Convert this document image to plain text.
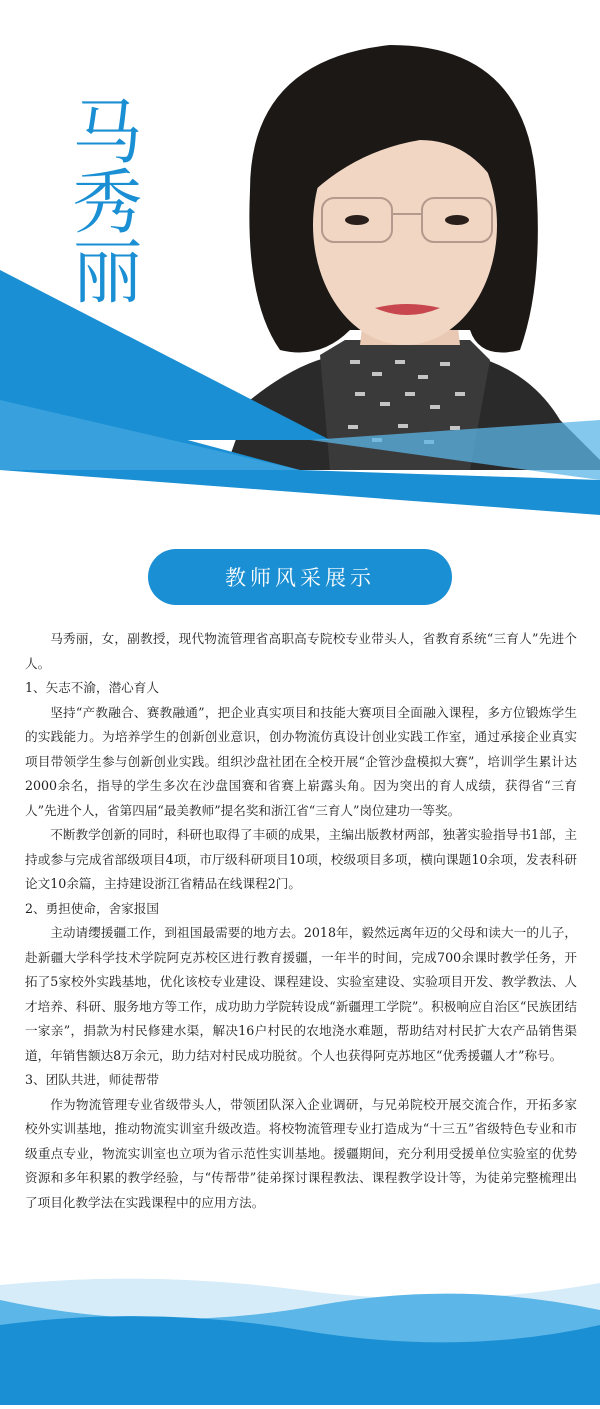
马秀丽
教师风采展示

马秀丽，女，副教授，现代物流管理省高职高专院校专业带头人，省教育系统“三育人”先进个人。

1、矢志不渝，潜心育人

坚持“产教融合、赛教融通”，把企业真实项目和技能大赛项目全面融入课程，多方位锻炼学生的实践能力。为培养学生的创新创业意识，创办物流仿真设计创业实践工作室，通过承接企业真实项目带领学生参与创新创业实践。组织沙盘社团在全校开展“企管沙盘模拟大赛”，培训学生累计达2000余名，指导的学生多次在沙盘国赛和省赛上崭露头角。因为突出的育人成绩，获得省“三育人”先进个人，省第四届“最美教师”提名奖和浙江省“三育人”岗位建功一等奖。

不断教学创新的同时，科研也取得了丰硕的成果，主编出版教材两部，独著实验指导书1部，主持或参与完成省部级项目4项，市厅级科研项目10项，校级项目多项，横向课题10余项，发表科研论文10余篇，主持建设浙江省精品在线课程2门。

2、勇担使命，舍家报国

主动请缨援疆工作，到祖国最需要的地方去。2018年，毅然远离年迈的父母和读大一的儿子，赴新疆大学科学技术学院阿克苏校区进行教育援疆，一年半的时间，完成700余课时教学任务，开拓了5家校外实践基地，优化该校专业建设、课程建设、实验室建设、实验项目开发、教学教法、人才培养、科研、服务地方等工作，成功助力学院转设成“新疆理工学院”。积极响应自治区“民族团结一家亲”，捐款为村民修建水渠，解决16户村民的农地浇水难题，帮助结对村民扩大农产品销售渠道，年销售额达8万余元，助力结对村民成功脱贫。个人也获得阿克苏地区“优秀援疆人才”称号。

3、团队共进，师徒帮带

作为物流管理专业省级带头人，带领团队深入企业调研，与兄弟院校开展交流合作，开拓多家校外实训基地，推动物流实训室升级改造。将校物流管理专业打造成为“十三五”省级特色专业和市级重点专业，物流实训室也立项为省示范性实训基地。援疆期间，充分利用受援单位实验室的优势资源和多年积累的教学经验，与“传帮带”徒弟探讨课程教法、课程教学设计等，为徒弟完整梳理出了项目化教学法在实践课程中的应用方法。
